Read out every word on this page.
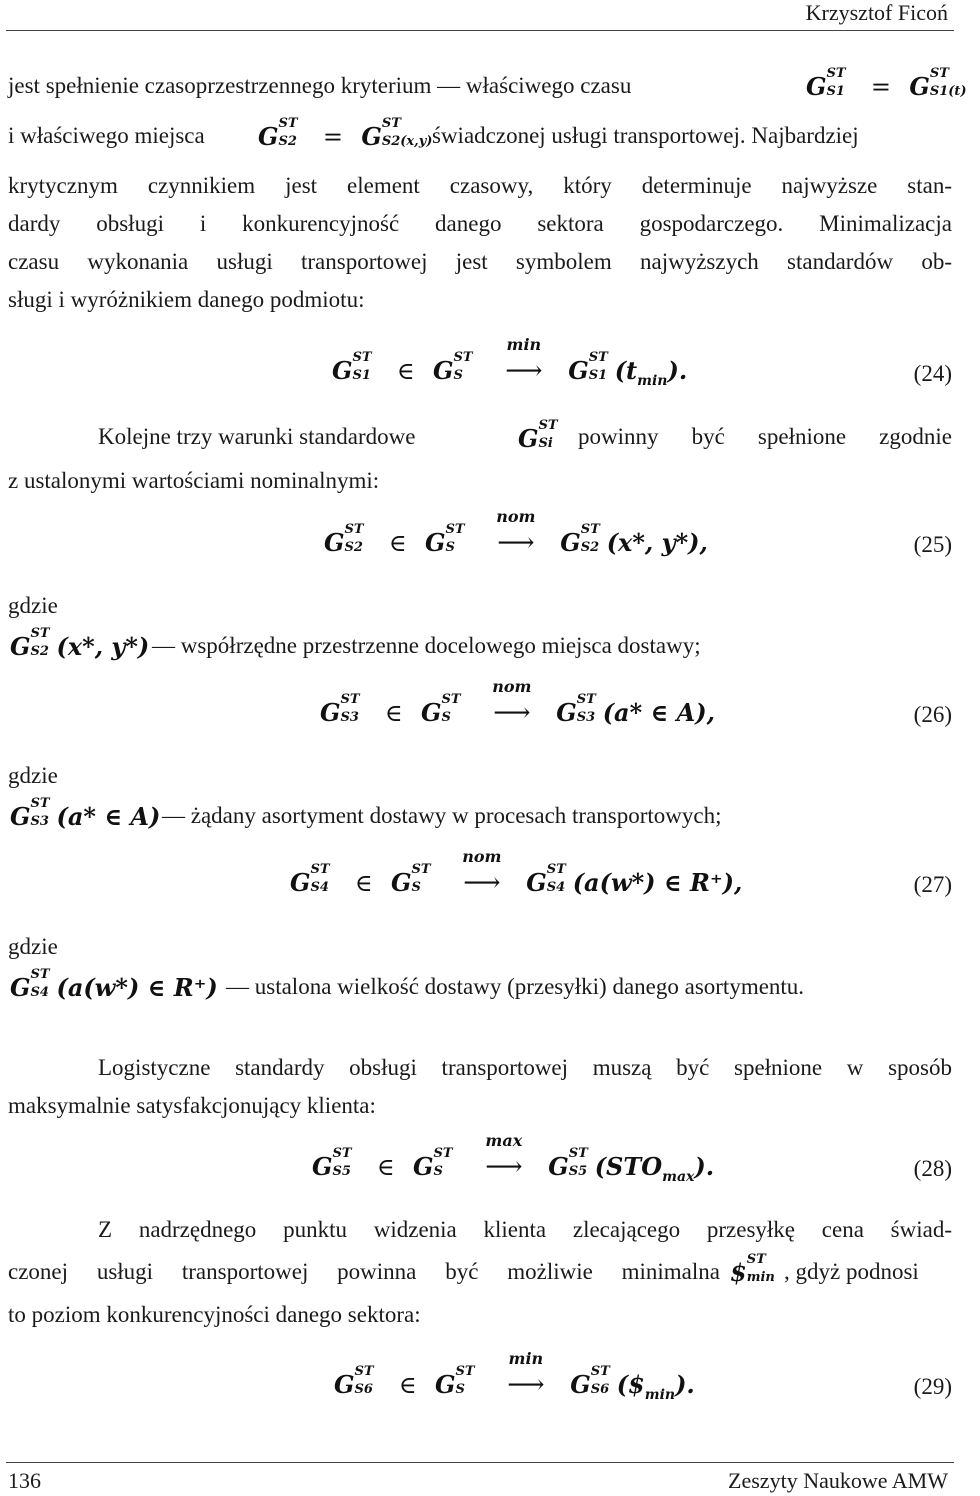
Krzysztof Ficoń
jest spełnienie czasoprzestrzennego kryterium — właściwego czasu	G ST
S1 = G ST
S1(t)
i właściwego miejsca G ST
S2 = G ST
S2(x,y) świadczonej usługi transportowej. Najbardziej
krytycznym czynnikiem jest element czasowy, który determinuje najwyższe stan-
dardy obsługi i konkurencyjność danego sektora gospodarczego. Minimalizacja
czasu wykonania usługi transportowej jest symbolem najwyższych standardów ob-
sługi i wyróżnikiem danego podmiotu:
G ST
S1 ∈ G ST
S

min
⟶	G ST
S1 $(t_{min})$.	(24)
Kolejne trzy warunki standardowe	G ST
Si powinny być spełnione zgodnie
z ustalonymi wartościami nominalnymi:
G ST
S2 ∈ G ST
S

nom
⟶	G ST
S2 (x*, y*),	(25)
gdzie
G ST
S2 (x*, y*) — współrzędne przestrzenne docelowego miejsca dostawy;
G ST
S3 ∈ G ST
S

nom
⟶	G ST
S3 (a* ∈ A),	(26)
gdzie
G ST
S3 (a* ∈ A) — żądany asortyment dostawy w procesach transportowych;
G ST
S4 ∈ G ST
S

nom
⟶	G ST
S4 (a(w*) ∈ R⁺),	(27)
gdzie
G ST
S4 (a(w*) ∈ R⁺) — ustalona wielkość dostawy (przesyłki) danego asortymentu.
Logistyczne standardy obsługi transportowej muszą być spełnione w sposób
maksymalnie satysfakcjonujący klienta:
G ST
S5 ∈ G ST
S

max
⟶	G ST
S5 $(STO_{max})$.	(28)
Z nadrzędnego punktu widzenia klienta zlecającego przesyłkę cena świad-
czonej usługi transportowej powinna być możliwie minimalna $ ST
min , gdyż podnosi
to poziom konkurencyjności danego sektora:
G ST
S6 ∈ G ST
S

min
⟶	G ST
S6 $(\$_{min})$.	(29)
136	Zeszyty Naukowe AMW
